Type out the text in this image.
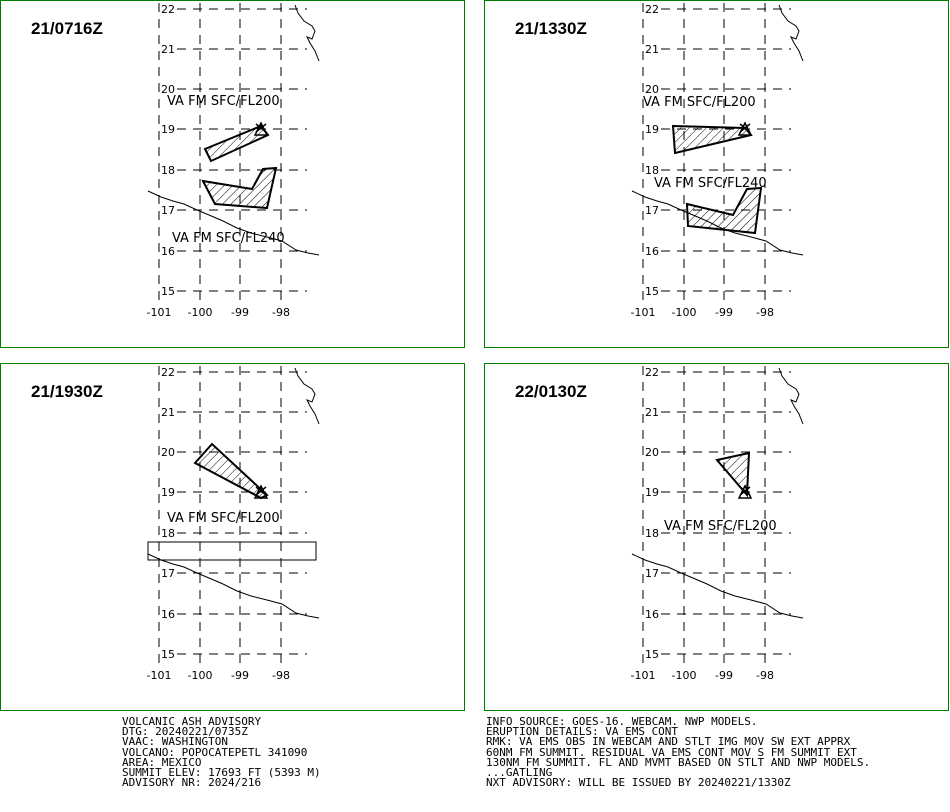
21/0716Z
22
21
20
19
18
17
16
15
-101 -100 -99 -98
VA FM SFC/FL200
VA FM SFC/FL240
21/1330Z
22
21
20
19
18
17
16
15
-101 -100 -99 -98
VA FM SFC/FL200
VA FM SFC/FL240
21/1930Z
22
21
20
19
18
17
16
15
-101 -100 -99 -98
VA FM SFC/FL200
22/0130Z
22
21
20
19
18
17
16
15
-101 -100 -99 -98
VA FM SFC/FL200
VOLCANIC ASH ADVISORY
DTG: 20240221/0735Z
VAAC: WASHINGTON
VOLCANO: POPOCATEPETL 341090
AREA: MEXICO
SUMMIT ELEV: 17693 FT (5393 M)
ADVISORY NR: 2024/216
INFO SOURCE: GOES-16. WEBCAM. NWP MODELS.
ERUPTION DETAILS: VA EMS CONT
RMK: VA EMS OBS IN WEBCAM AND STLT IMG MOV SW EXT APPRX
60NM FM SUMMIT. RESIDUAL VA EMS CONT MOV S FM SUMMIT EXT
130NM FM SUMMIT. FL AND MVMT BASED ON STLT AND NWP MODELS.
...GATLING
NXT ADVISORY: WILL BE ISSUED BY 20240221/1330Z
